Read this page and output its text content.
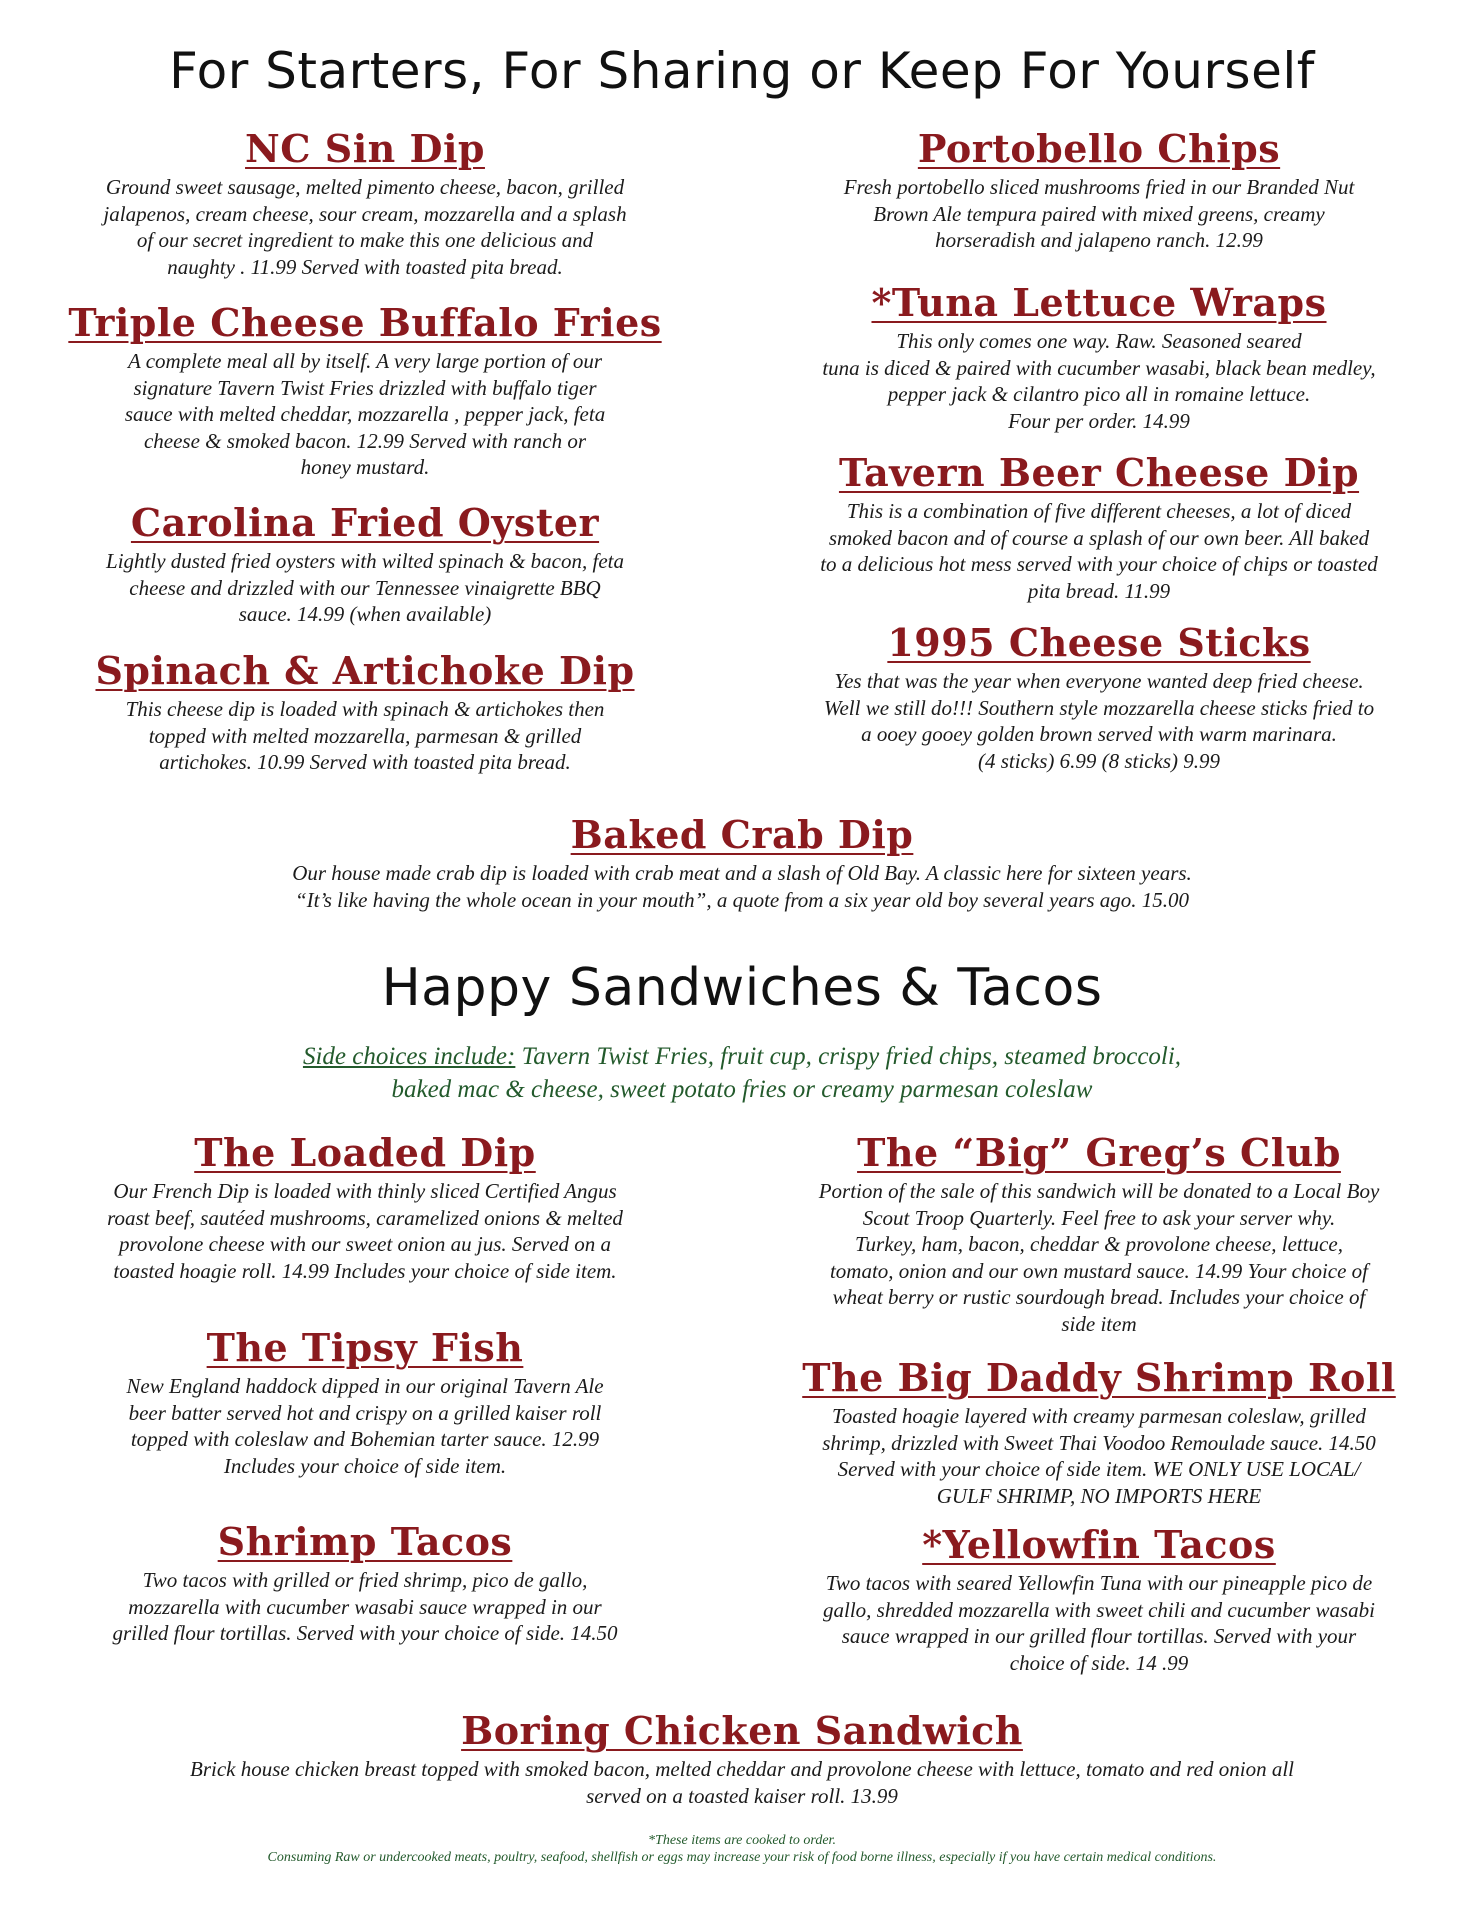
For Starters, For Sharing or Keep For Yourself
NC Sin Dip
Ground sweet sausage, melted pimento cheese, bacon, grilled
jalapenos, cream cheese, sour cream, mozzarella and a splash
of our secret ingredient to make this one delicious and
naughty . 11.99 Served with toasted pita bread.
Triple Cheese Buffalo Fries
A complete meal all by itself. A very large portion of our
signature Tavern Twist Fries drizzled with buffalo tiger
sauce with melted cheddar, mozzarella , pepper jack, feta
cheese & smoked bacon. 12.99 Served with ranch or
honey mustard.
Carolina Fried Oyster
Lightly dusted fried oysters with wilted spinach & bacon, feta
cheese and drizzled with our Tennessee vinaigrette BBQ
sauce. 14.99 (when available)
Spinach & Artichoke Dip
This cheese dip is loaded with spinach & artichokes then
topped with melted mozzarella, parmesan & grilled
artichokes. 10.99 Served with toasted pita bread.
Portobello Chips
Fresh portobello sliced mushrooms fried in our Branded Nut
Brown Ale tempura paired with mixed greens, creamy
horseradish and jalapeno ranch. 12.99
*Tuna Lettuce Wraps
This only comes one way. Raw. Seasoned seared
tuna is diced & paired with cucumber wasabi, black bean medley,
pepper jack & cilantro pico all in romaine lettuce.
Four per order. 14.99
Tavern Beer Cheese Dip
This is a combination of five different cheeses, a lot of diced
smoked bacon and of course a splash of our own beer. All baked
to a delicious hot mess served with your choice of chips or toasted
pita bread. 11.99
1995 Cheese Sticks
Yes that was the year when everyone wanted deep fried cheese.
Well we still do!!! Southern style mozzarella cheese sticks fried to
a ooey gooey golden brown served with warm marinara.
(4 sticks) 6.99 (8 sticks) 9.99
Baked Crab Dip
Our house made crab dip is loaded with crab meat and a slash of Old Bay. A classic here for sixteen years.
“It’s like having the whole ocean in your mouth”, a quote from a six year old boy several years ago. 15.00
Happy Sandwiches & Tacos
Side choices include: Tavern Twist Fries, fruit cup, crispy fried chips, steamed broccoli,
baked mac & cheese, sweet potato fries or creamy parmesan coleslaw
The Loaded Dip
Our French Dip is loaded with thinly sliced Certified Angus
roast beef, sautéed mushrooms, caramelized onions & melted
provolone cheese with our sweet onion au jus. Served on a
toasted hoagie roll. 14.99 Includes your choice of side item.
The Tipsy Fish
New England haddock dipped in our original Tavern Ale
beer batter served hot and crispy on a grilled kaiser roll
topped with coleslaw and Bohemian tarter sauce. 12.99
Includes your choice of side item.
Shrimp Tacos
Two tacos with grilled or fried shrimp, pico de gallo,
mozzarella with cucumber wasabi sauce wrapped in our
grilled flour tortillas. Served with your choice of side. 14.50
The “Big” Greg’s Club
Portion of the sale of this sandwich will be donated to a Local Boy
Scout Troop Quarterly. Feel free to ask your server why.
Turkey, ham, bacon, cheddar & provolone cheese, lettuce,
tomato, onion and our own mustard sauce. 14.99 Your choice of
wheat berry or rustic sourdough bread. Includes your choice of
side item
The Big Daddy Shrimp Roll
Toasted hoagie layered with creamy parmesan coleslaw, grilled
shrimp, drizzled with Sweet Thai Voodoo Remoulade sauce. 14.50
Served with your choice of side item. WE ONLY USE LOCAL/
GULF SHRIMP, NO IMPORTS HERE
*Yellowfin Tacos
Two tacos with seared Yellowfin Tuna with our pineapple pico de
gallo, shredded mozzarella with sweet chili and cucumber wasabi
sauce wrapped in our grilled flour tortillas. Served with your
choice of side. 14 .99
Boring Chicken Sandwich
Brick house chicken breast topped with smoked bacon, melted cheddar and provolone cheese with lettuce, tomato and red onion all
served on a toasted kaiser roll. 13.99
*These items are cooked to order.
Consuming Raw or undercooked meats, poultry, seafood, shellfish or eggs may increase your risk of food borne illness, especially if you have certain medical conditions.
